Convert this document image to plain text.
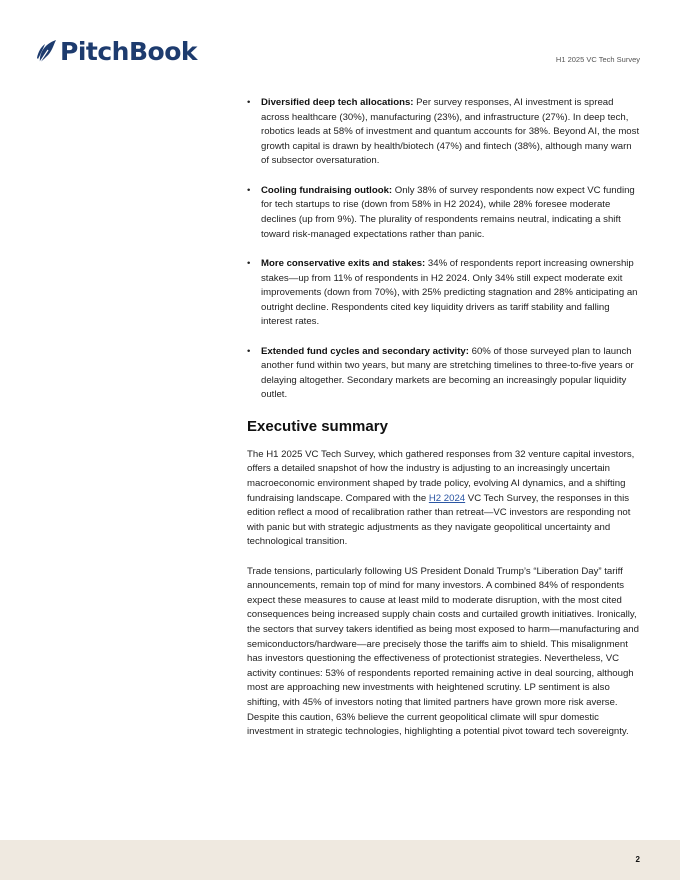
PitchBook	H1 2025 VC Tech Survey
• Diversified deep tech allocations: Per survey responses, AI investment is spread across healthcare (30%), manufacturing (23%), and infrastructure (27%). In deep tech, robotics leads at 58% of investment and quantum accounts for 38%. Beyond AI, the most growth capital is drawn by health/biotech (47%) and fintech (38%), although many warn of subsector oversaturation.
• Cooling fundraising outlook: Only 38% of survey respondents now expect VC funding for tech startups to rise (down from 58% in H2 2024), while 28% foresee moderate declines (up from 9%). The plurality of respondents remains neutral, indicating a shift toward risk-managed expectations rather than panic.
• More conservative exits and stakes: 34% of respondents report increasing ownership stakes—up from 11% of respondents in H2 2024. Only 34% still expect moderate exit improvements (down from 70%), with 25% predicting stagnation and 28% anticipating an outright decline. Respondents cited key liquidity drivers as tariff stability and falling interest rates.
• Extended fund cycles and secondary activity: 60% of those surveyed plan to launch another fund within two years, but many are stretching timelines to three-to-five years or delaying altogether. Secondary markets are becoming an increasingly popular liquidity outlet.
Executive summary

The H1 2025 VC Tech Survey, which gathered responses from 32 venture capital investors, offers a detailed snapshot of how the industry is adjusting to an increasingly uncertain macroeconomic environment shaped by trade policy, evolving AI dynamics, and a shifting fundraising landscape. Compared with the H2 2024 VC Tech Survey, the responses in this edition reflect a mood of recalibration rather than retreat—VC investors are responding not with panic but with strategic adjustments as they navigate geopolitical uncertainty and technological transition.

Trade tensions, particularly following US President Donald Trump’s “Liberation Day” tariff announcements, remain top of mind for many investors. A combined 84% of respondents expect these measures to cause at least mild to moderate disruption, with the most cited consequences being increased supply chain costs and curtailed growth initiatives. Ironically, the sectors that survey takers identified as being most exposed to harm—manufacturing and semiconductors/hardware—are precisely those the tariffs aim to shield. This misalignment has investors questioning the effectiveness of protectionist strategies. Nevertheless, VC activity continues: 53% of respondents reported remaining active in deal sourcing, although most are approaching new investments with heightened scrutiny. LP sentiment is also shifting, with 45% of investors noting that limited partners have grown more risk averse. Despite this caution, 63% believe the current geopolitical climate will spur domestic investment in strategic technologies, highlighting a potential pivot toward tech sovereignty.

2
